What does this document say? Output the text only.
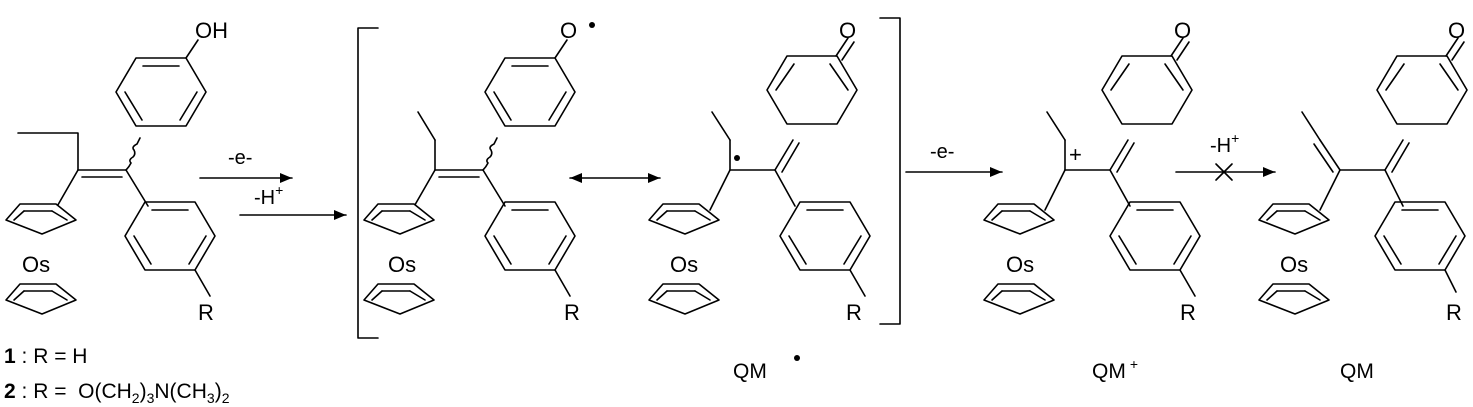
OH
R
Os
1 : R = H
2 : $R = O(CH_2)_3N(CH_3)_2$
-e-
-H+
O
R
Os
O
R
Os
-e-	+
O
R
Os
-H+
O
R
Os
QM	QM +	QM
